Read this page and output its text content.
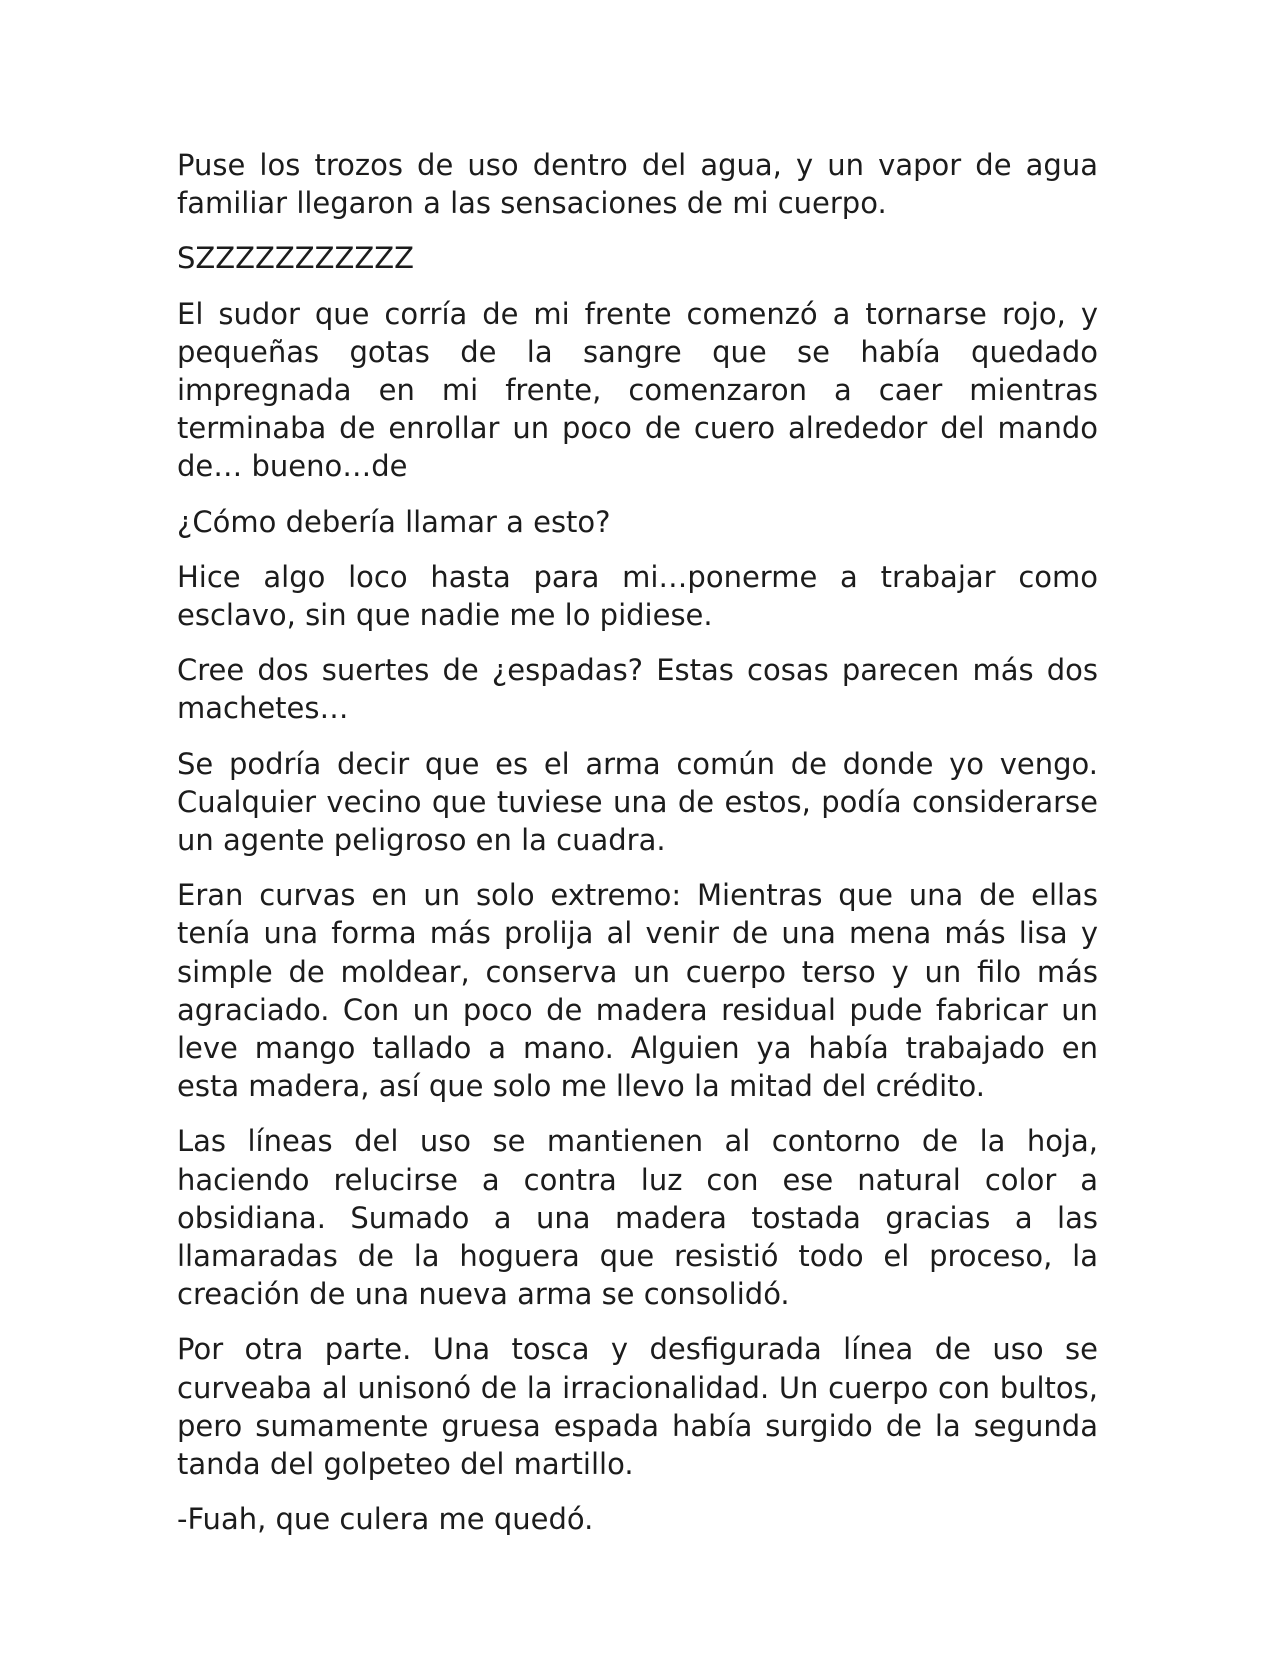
Puse los trozos de uso dentro del agua, y un vapor de agua familiar llegaron a las sensaciones de mi cuerpo.

SZZZZZZZZZZZ

El sudor que corría de mi frente comenzó a tornarse rojo, y pequeñas gotas de la sangre que se había quedado impregnada en mi frente, comenzaron a caer mientras terminaba de enrollar un poco de cuero alrededor del mando de… bueno…de

¿Cómo debería llamar a esto?

Hice algo loco hasta para mi…ponerme a trabajar como esclavo, sin que nadie me lo pidiese.

Cree dos suertes de ¿espadas? Estas cosas parecen más dos machetes…

Se podría decir que es el arma común de donde yo vengo. Cualquier vecino que tuviese una de estos, podía considerarse un agente peligroso en la cuadra.

Eran curvas en un solo extremo: Mientras que una de ellas tenía una forma más prolija al venir de una mena más lisa y simple de moldear, conserva un cuerpo terso y un filo más agraciado. Con un poco de madera residual pude fabricar un leve mango tallado a mano. Alguien ya había trabajado en esta madera, así que solo me llevo la mitad del crédito.

Las líneas del uso se mantienen al contorno de la hoja, haciendo relucirse a contra luz con ese natural color a obsidiana. Sumado a una madera tostada gracias a las llamaradas de la hoguera que resistió todo el proceso, la creación de una nueva arma se consolidó.

Por otra parte. Una tosca y desfigurada línea de uso se curveaba al unisonó de la irracionalidad. Un cuerpo con bultos, pero sumamente gruesa espada había surgido de la segunda tanda del golpeteo del martillo.

-Fuah, que culera me quedó.
